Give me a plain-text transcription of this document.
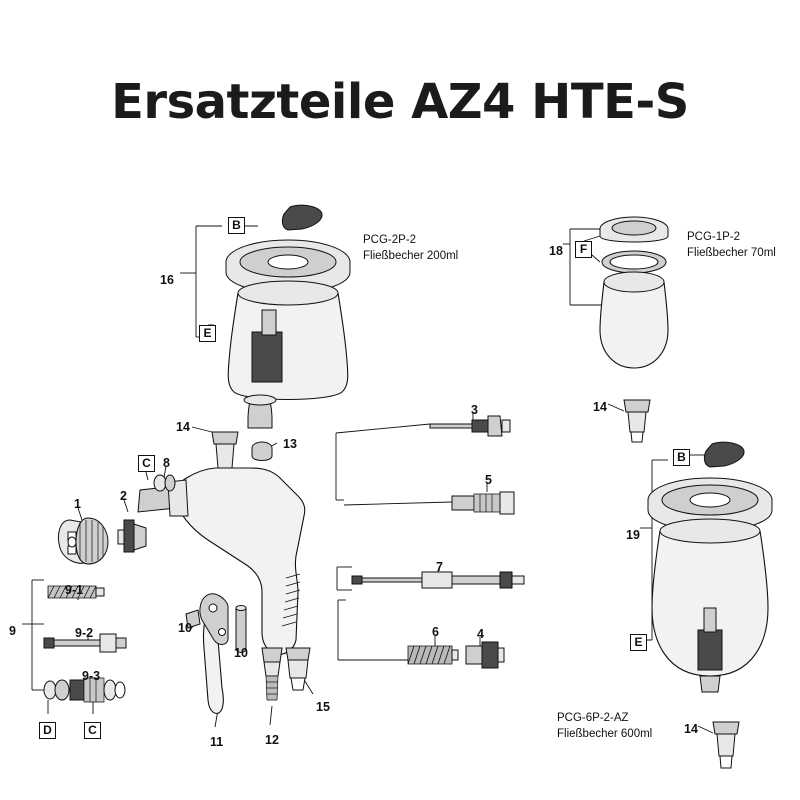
Ersatzteile AZ4 HTE-S
PCG-2P-2
Fließbecher 200ml
PCG-1P-2
Fließbecher 70ml
PCG-6P-2-AZ
Fließbecher 600ml
16
18
14
3
14
13
8
5
1
2
19
7
9-1
9	9-2	10
10
6	4
9-3
15
11	12
14
B
E
F
C	B
E
D	C
